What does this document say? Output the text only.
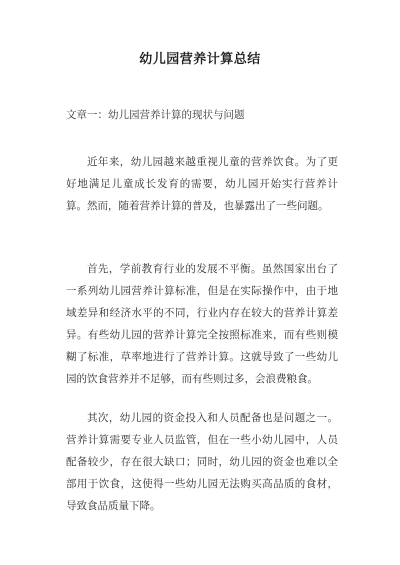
幼儿园营养计算总结
文章一：幼儿园营养计算的现状与问题

近年来，幼儿园越来越重视儿童的营养饮食。为了更好地满足儿童成长发育的需要，幼儿园开始实行营养计算。然而，随着营养计算的普及，也暴露出了一些问题。

首先，学前教育行业的发展不平衡。虽然国家出台了一系列幼儿园营养计算标准，但是在实际操作中，由于地域差异和经济水平的不同，行业内存在较大的营养计算差异。有些幼儿园的营养计算完全按照标准来，而有些则模糊了标准，草率地进行了营养计算。这就导致了一些幼儿园的饮食营养并不足够，而有些则过多，会浪费粮食。

其次，幼儿园的资金投入和人员配备也是问题之一。营养计算需要专业人员监管，但在一些小幼儿园中，人员配备较少，存在很大缺口；同时，幼儿园的资金也难以全部用于饮食，这使得一些幼儿园无法购买高品质的食材，导致食品质量下降。
